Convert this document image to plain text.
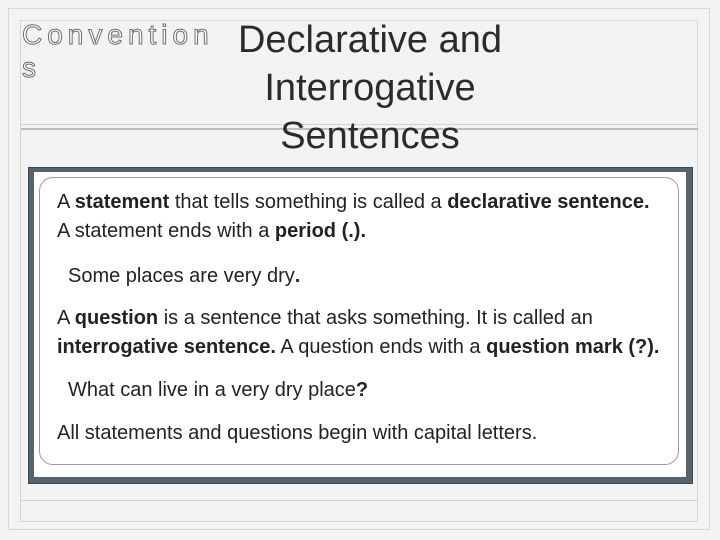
Conventions
Declarative and
Interrogative
Sentences

A statement that tells something is called a declarative sentence. A statement ends with a period (.).

Some places are very dry.

A question is a sentence that asks something. It is called an interrogative sentence. A question ends with a question mark (?).

What can live in a very dry place?

All statements and questions begin with capital letters.
